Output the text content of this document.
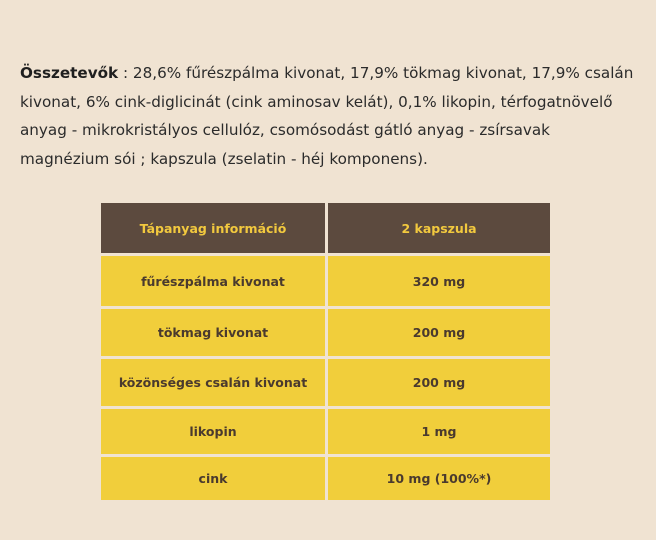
Összetevők : 28,6% fűrészpálma kivonat, 17,9% tökmag kivonat, 17,9% csalán kivonat, 6% cink-diglicinát (cink aminosav kelát), 0,1% likopin, térfogatnövelő anyag - mikrokristályos cellulóz, csomósodást gátló anyag - zsírsavak magnézium sói ; kapszula (zselatin - héj komponens).

Tápanyag információ	2 kapszula
fűrészpálma kivonat	320 mg
tökmag kivonat	200 mg
közönséges csalán kivonat	200 mg
likopin	1 mg
cink	10 mg (100%*)
